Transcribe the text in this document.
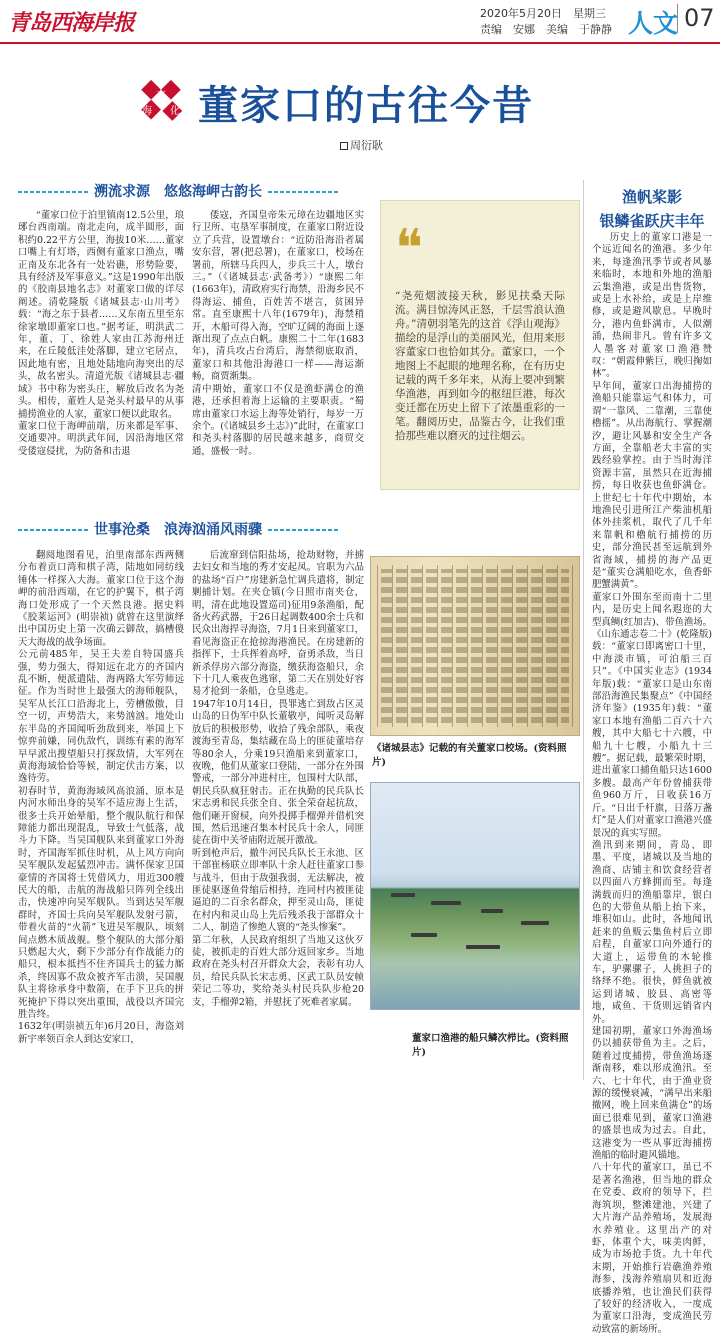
青岛西海岸报	2020年5月20日　 星期三
责编　安娜　美编　于静静 人文 07
文
化
海
洋 董家口的古往今昔
周衍耿
溯流求源　悠悠海岬古韵长

“董家口位于泊里镇南12.5公里，琅琊台西南端。南北走向，成半圆形，面积约0.22平方公里，海拔10米……董家口嘴上有灯塔，西侧有董家口渔点，嘴正南及东北各有一处岩礁，形势险要，具有经济及军事意义。”这是1990年出版的《胶南县地名志》对董家口做的详尽阐述。清乾隆版《诸城县志·山川考》载：“海之东于县者……又东南五里至东徐家墩即董家口也。”据考证，明洪武二年，董、丁、徐姓人家由江苏海州迁来，在丘陵低洼处落脚，建立宅居点，因此地有密，且地处陆地向海突出的尽头，故名密头。清道光版《诸城县志·疆域》书中称为密头庄，解放后改名为尧头。相传，董姓人是尧头村最早的从事捕捞渔业的人家，董家口便以此取名。
董家口位于海岬前端，历来都是军事、交通要冲。明洪武年间，因沿海地区常受倭寇侵扰，为防备和击退

倭寇，齐国皇帝朱元璋在边疆地区实行卫所、屯垦军事制度，在董家口附近设立了兵营，设置墩台：“近防沿海沿者属安东营，署(把总署)，在董家口，校场在署前，所辖马兵四人，步兵三十人，墩台三。”（《诸城县志·武备考》）“康熙二年(1663年)，清政府实行海禁，沿海乡民不得海运、捕鱼，百姓苦不堪言，贫困异常。直至康熙十八年(1679年)，海禁稍开，木船可得入海，空旷辽阔的海面上逐渐出现了点点白帆。康熙二十二年(1683年)，清兵攻占台湾后，海禁彻底取消，董家口和其他沿海港口一样——海运渐畅，商贾渐集。
清中期始，董家口不仅是渔虾满仓的渔港，还承担着海上运输的主要职责。“蜀席由董家口水运上海等处销行，每岁一万余个。(《诸城县乡土志》)”此时，在董家口和尧头村落脚的居民越来越多，商贸交通，盛极一时。

❝
“尧苑烟波接天秋，影见扶桑天际流。满目惊涛风正怒，千层雪浪认渔舟。”清朝羽笔先的这首《浮山观海》描绘的是浮山的美丽风光，但用来形容董家口也恰如其分。董家口，一个地图上不起眼的地理名称，在有历史记载的两千多年来，从海上要冲到繁华渔港，再到如今的枢纽巨港，每次变迁都在历史上留下了浓墨重彩的一笔。翻阅历史，品鉴古今，让我们重拾那些难以磨灭的过往烟云。
世事沧桑　浪涛汹涌风雨骤

翻阅地图看见，泊里南部东西两侧分布着贡口湾和棋子湾，陆地如同纺线锤体一样探入大海。董家口位于这个海岬的前沿西端，在它的护翼下，棋子湾海口处形成了一个天然良港。据史料《胶莱运河》(明崇祯) 就曾在这里演绎出中国历史上第一次确云御敌，搞槽傻天大海战的战争场面。
公元前485年，吴王夫差自特国盛兵强，势力强大，得知远在北方的齐国内乱不断，便派遣陆、海两路大军劳师远征。作为当时世上最强大的海师舰队，吴军从长江口沿海北上，劳槽傲傲，目空一切，声势浩大，来势汹汹。地处山东半岛的齐国闻听劲敌到来，举国上下惊弈前嫌，同仇敌忾，训练有素的海军早早派出搜望船只打探敌情，大军列在黄海海域恰恰等候，制定伏击方案，以逸待劳。
初春时节，黄海海域风高浪涌，原本是内河水师出身的吴军不适应海上生活，很多士兵开始晕船，整个舰队航行和保障能力都出现混乱，导致士气低落，战斗力下降。当吴国舰队来到董家口外海时，齐国海军抓住时机，从上风方向向吴军舰队发起猛烈冲击。满怀保家卫国豪情的齐国将士凭借风力，用近300艘民大的船，击航的海战船只阵列全线出击，快速冲向吴军舰队。当到达吴军舰群时，齐国士兵向吴军舰队发射弓箭，带着火苗的“火箭”飞进吴军舰队，顷刻间点燃木质战舰。整个舰队的大部分船只燃起大火，剩下少部分有作战能力的船只，根本抵挡不住齐国兵士的猛力厮杀，终因寡不敌众被齐军击溃，吴国舰队主将徐承身中数箭，在手下卫兵的拼死掩护下得以突出重围，战役以齐国完胜告终。
1632年(明崇祯五年)6月20日，海盗刘新宇率领百余人到达安家口，

后流窜到信阳盐场，抢劫财物，并掳去妇女和当地的秀才安起凤。官职为六品的盐场“百户”房建新急忙调兵遣将，制定剿捕计划。在夹仓镇(今日照市南夹仓，明，清在此地设置巡司)征用9条渔船，配备火药武器，于26日起调数400余士兵和民众出海捍寻海盗，7月1日来到董家口，看见海盗正在抢掠海港渔民。在房建新的指挥下，士兵挥着高呼，奋勇杀敌，当日新杀俘房六部分海盗，缴获海盗船只，余下十几人乘夜色逃窜，第二天在别处好容易才抢到一条船，仓皇逃走。
1947年10月14日，畏罪逃亡到敌占区灵山岛的日伪军中队长董敬亭，闻听灵岛解放后的积极形势，收拾了残余部队，乘夜渡海至青岛，集结藏在岛上的匪徒董培存等80余人，分乘19只渔船来到董家口，夜晚，他们从董家口登陆，一部分在外围警戒，一部分冲进村庄，包围村大队部，朝民兵队疯狂射击。正在执勤的民兵队长宋志勇和民兵张全自、张全荣奋起抗敌，他们砸开窗棂，向外投掷手榴弹并借机突围，然后迅速召集本村民兵十余人，同匪徒在街中关爷庙附近展开激战。
听到枪声后，撤牛河民兵队长王永池、区干部崔杨联立即率队十余人赶往董家口参与战斗，但由于敌强我弱，无法解决，被匪徒驱逐鱼骨缩后相持，连同村内被匪徒逼迫的二百余名群众，押至灵山岛，匪徒在村内和灵山岛上先后残杀我于部群众十二人，制造了惨绝人寰的“尧头惨案”。
第二年秋，人民政府组织了当地又这伙歹徒，被抓走的百姓大部分返回家乡。当地政府在尧头村召开群众大会，表彰有功人员，给民兵队长宋志勇、区武工队员安帧荣记二等功，奖给尧头村民兵队步枪20支，手榴弹2箱，并慰抚了死难者家属。

《诸城县志》记载的有关董家口校场。(资料照片)
董家口渔港的船只鳞次栉比。(资料照片)
渔帆桨影
银鳞雀跃庆丰年

历史上的董家口港是一个远近闻名的渔港。多少年来，每逢渔汛季节或者风暴来临时，本地和外地的渔船云集渔港，或是出售货物，或是上水补给，或是上岸维修，或是避风歇息。早晚时分，港内鱼虾满市，人似潮涌，热闹非凡。曾有许多文人墨客对董家口渔港赞叹：“朝霞伸紫巨，晚归掬如林”。
早年间，董家口出海捕捞的渔船只能靠运气和体力，可谓“一靠风、二靠潮，三靠使櫓摇”。从出海航行、掌握潮汐，避让风暴和安全生产各方面，全靠船老大丰富的实践经验掌控。由于当时海洋资源丰富，虽然只在近海捕捞，每日收获也鱼虾满仓。上世纪七十年代中期始，本地渔民引进所江产柴油机船体外挂浆机，取代了几千年来靠帆和櫓航行捕捞的历史，部分渔民甚至远航到外省海域，捕捞的海产品更是“董实仓满船吃水，鱼香虾肥蟹满黄”。
董家口外围东至而南十二里内，是历史上闻名遐迩的大型真鲷(红加吉)、带鱼渔场。《山东通志卷二十》(乾隆版)载：“董家口即离密口十里，中海淡市镇，可泊船三百只”。《中国实业志》(1934年版)载：“董家口是山东南部沿海渔民集聚点”《中国经济年鉴》(1935年)载：“董家口本地有渔船二百六十六艘，其中大船七十六艘，中船九十七艘，小船九十三艘”。据记载，最繁荣时期，进出董家口捕鱼船只达1600多艘。最高产年份曾捕获带鱼960万斤，日收获16万斤。“日出千杆旗，日落万盏灯”是人们对董家口渔港兴盛景况的真实写照。
渔汛到来期间，青岛、即墨、平度，诸城以及当地的渔商、店铺主和饮食经营者以四面八方蜂拥而至。每逢满载而归的渔船靠岸，银白色的大带鱼从船上抬下来，堆积如山。此时，各地闻讯赶来的鱼贩云集鱼村后立即启程，自董家口向外通行的大道上，运带鱼的木轮推车，驴骡骡子，人挑担子的络绎不绝。很快，鲜鱼就被运到诸城、胶县、高密等地，咸鱼、干货则远销省内外。
建国初期，董家口外海渔场仍以捕获带鱼为主。之后，随着过度捕捞，带鱼渔场逐渐南移，难以形成渔汛。至六、七十年代，由于渔业资源的缓慢衰减，“满早出来船撤网，晚上回来鱼满仓”的场面已很难见到，董家口渔港的盛景也成为过去。自此，这港变为一些从事近海捕捞渔船的临时避风锚地。
八十年代的董家口，虽已不是著名渔港，但当地的群众在党委、政府的领导下，拦海筑坝，整滩建池，兴建了大片海产品养殖场，发展海水养殖业。这里出产的对虾，体重个大，味美肉鲜，成为市场抢手货。九十年代末期，开始推行岩礁渔养殖海参，浅海养殖扇贝和近海底播养殖，也让渔民们获得了较好的经济收入，一度成为董家口沿海，变成渔民劳动致富的新场所。
